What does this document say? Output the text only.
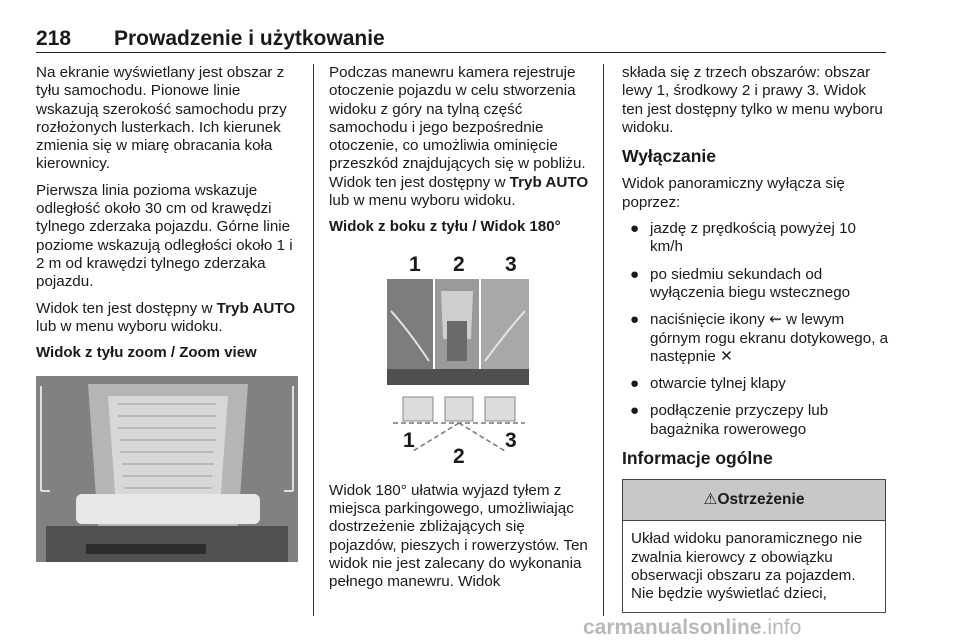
218 Prowadzenie i użytkowanie

Na ekranie wyświetlany jest obszar z tyłu samochodu. Pionowe linie wskazują szerokość samochodu przy rozłożonych lusterkach. Ich kierunek zmienia się w miarę obracania koła kierownicy.

Pierwsza linia pozioma wskazuje odległość około 30 cm od krawędzi tylnego zderzaka pojazdu. Górne linie poziome wskazują odległości około 1 i 2 m od krawędzi tylnego zderzaka pojazdu.

Widok ten jest dostępny w Tryb AUTO lub w menu wyboru widoku.

Widok z tyłu zoom / Zoom view

Podczas manewru kamera rejestruje otoczenie pojazdu w celu stworzenia widoku z góry na tylną część samochodu i jego bezpośrednie otoczenie, co umożliwia ominięcie przeszkód znajdujących się w pobliżu. Widok ten jest dostępny w Tryb AUTO lub w menu wyboru widoku.

Widok z boku z tyłu / Widok 180°
1 2 3
1
2
3

Widok 180° ułatwia wyjazd tyłem z miejsca parkingowego, umożliwiając dostrzeżenie zbliżających się pojazdów, pieszych i rowerzystów. Ten widok nie jest zalecany do wykonania pełnego manewru. Widok

składa się z trzech obszarów: obszar lewy 1, środkowy 2 i prawy 3. Widok ten jest dostępny tylko w menu wyboru widoku.

Wyłączanie

Widok panoramiczny wyłącza się poprzez:

● jazdę z prędkością powyżej 10 km/h
● po siedmiu sekundach od wyłączenia biegu wstecznego
● naciśnięcie ikony ⇜ w lewym górnym rogu ekranu dotykowego, a następnie ✕
● otwarcie tylnej klapy
● podłączenie przyczepy lub bagażnika rowerowego
Informacje ogólne
⚠ Ostrzeżenie
Układ widoku panoramicznego nie zwalnia kierowcy z obowiązku obserwacji obszaru za pojazdem. Nie będzie wyświetlać dzieci,
carmanualsonline.info
